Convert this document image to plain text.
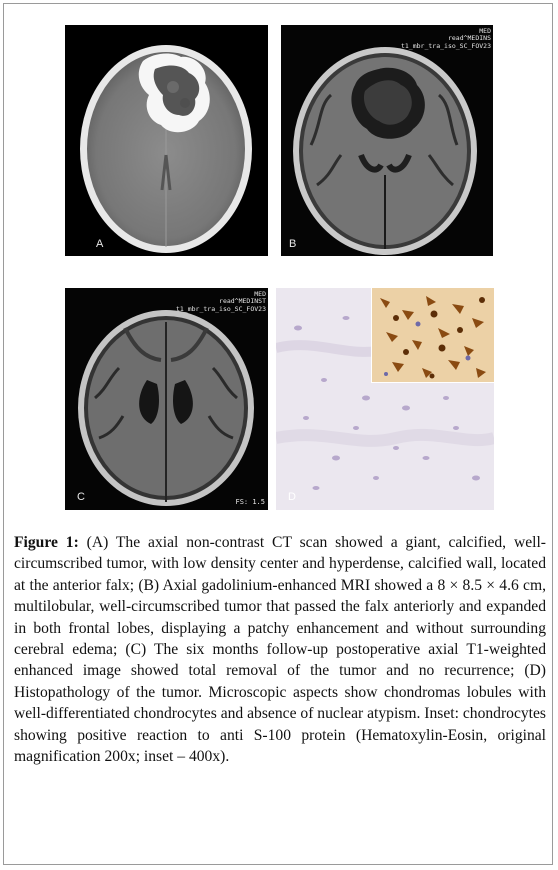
A
MED
read^MEDINS
t1_mbr_tra_iso_SC_FOV23
B
MED
read^MEDINST
t1_mbr_tra_iso_SC_FOV23
FS: 1.5
C	D
Figure 1: (A) The axial non-contrast CT scan showed a giant, calcified, well-circumscribed tumor, with low density center and hyperdense, calcified wall, located at the anterior falx; (B) Axial gadolinium-enhanced MRI showed a 8 × 8.5 × 4.6 cm, multilobular, well-circumscribed tumor that passed the falx anteriorly and expanded in both frontal lobes, displaying a patchy enhancement and without surrounding cerebral edema; (C) The six months follow-up postoperative axial T1-weighted enhanced image showed total removal of the tumor and no recurrence; (D) Histopathology of the tumor. Microscopic aspects show chondromas lobules with well-differentiated chondrocytes and absence of nuclear atypism. Inset: chondrocytes showing positive reaction to anti S-100 protein (Hematoxylin-Eosin, original magnification 200x; inset – 400x).
